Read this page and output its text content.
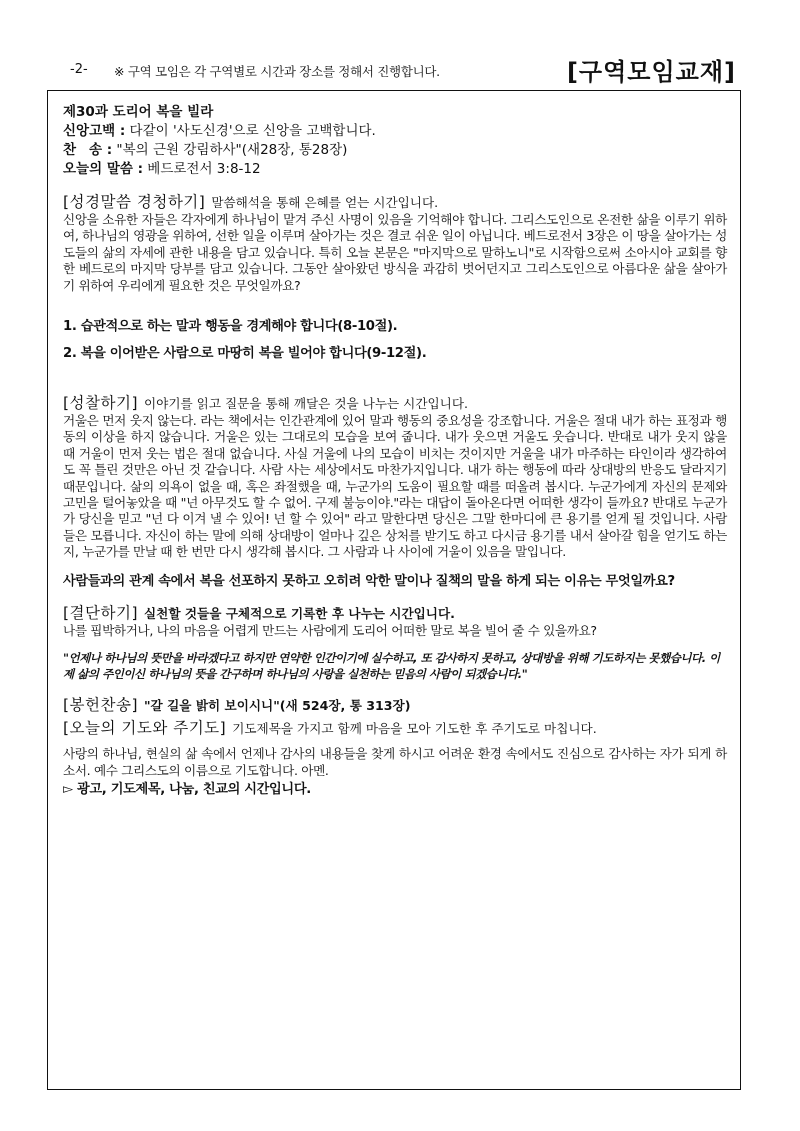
-2- ※ 구역 모임은 각 구역별로 시간과 장소를 정해서 진행합니다.	[구역모임교재]
제30과 도리어 복을 빌라
신앙고백 : 다같이 '사도신경'으로 신앙을 고백합니다.
찬 송 : "복의 근원 강림하사"(새28장, 통28장)
오늘의 말씀 : 베드로전서 3:8-12
[성경말씀 경청하기] 말씀해석을 통해 은혜를 얻는 시간입니다.

신앙을 소유한 자들은 각자에게 하나님이 맡겨 주신 사명이 있음을 기억해야 합니다. 그리스도인으로 온전한 삶을 이루기 위하여, 하나님의 영광을 위하여, 선한 일을 이루며 살아가는 것은 결코 쉬운 일이 아닙니다. 베드로전서 3장은 이 땅을 살아가는 성도들의 삶의 자세에 관한 내용을 담고 있습니다. 특히 오늘 본문은 "마지막으로 말하노니"로 시작함으로써 소아시아 교회를 향한 베드로의 마지막 당부를 담고 있습니다. 그동안 살아왔던 방식을 과감히 벗어던지고 그리스도인으로 아름다운 삶을 살아가기 위하여 우리에게 필요한 것은 무엇일까요?

1. 습관적으로 하는 말과 행동을 경계해야 합니다(8-10절).
2. 복을 이어받은 사람으로 마땅히 복을 빌어야 합니다(9-12절).
[성찰하기] 이야기를 읽고 질문을 통해 깨달은 것을 나누는 시간입니다.

거울은 먼저 웃지 않는다. 라는 책에서는 인간관계에 있어 말과 행동의 중요성을 강조합니다. 거울은 절대 내가 하는 표정과 행동의 이상을 하지 않습니다. 거울은 있는 그대로의 모습을 보여 줍니다. 내가 웃으면 거울도 웃습니다. 반대로 내가 웃지 않을 때 거울이 먼저 웃는 법은 절대 없습니다. 사실 거울에 나의 모습이 비치는 것이지만 거울을 내가 마주하는 타인이라 생각하여도 꼭 틀린 것만은 아닌 것 같습니다. 사람 사는 세상에서도 마찬가지입니다. 내가 하는 행동에 따라 상대방의 반응도 달라지기 때문입니다. 삶의 의욕이 없을 때, 혹은 좌절했을 때, 누군가의 도움이 필요할 때를 떠올려 봅시다. 누군가에게 자신의 문제와 고민을 털어놓았을 때 "넌 아무것도 할 수 없어. 구제 불능이야."라는 대답이 돌아온다면 어떠한 생각이 들까요? 반대로 누군가가 당신을 믿고 "넌 다 이겨 낼 수 있어! 넌 할 수 있어" 라고 말한다면 당신은 그말 한마디에 큰 용기를 얻게 될 것입니다. 사람들은 모릅니다. 자신이 하는 말에 의해 상대방이 얼마나 깊은 상처를 받기도 하고 다시금 용기를 내서 살아갈 힘을 얻기도 하는지, 누군가를 만날 때 한 번만 다시 생각해 봅시다. 그 사람과 나 사이에 거울이 있음을 말입니다.

사람들과의 관계 속에서 복을 선포하지 못하고 오히려 악한 말이나 질책의 말을 하게 되는 이유는 무엇일까요?
[결단하기] 실천할 것들을 구체적으로 기록한 후 나누는 시간입니다.

나를 핍박하거나, 나의 마음을 어렵게 만드는 사람에게 도리어 어떠한 말로 복을 빌어 줄 수 있을까요?

"언제나 하나님의 뜻만을 바라겠다고 하지만 연약한 인간이기에 실수하고, 또 감사하지 못하고, 상대방을 위해 기도하지는 못했습니다. 이제 삶의 주인이신 하나님의 뜻을 간구하며 하나님의 사랑을 실천하는 믿음의 사람이 되겠습니다."
[봉헌찬송] "갈 길을 밝히 보이시니"(새 524장, 통 313장)
[오늘의 기도와 주기도] 기도제목을 가지고 함께 마음을 모아 기도한 후 주기도로 마칩니다.

사랑의 하나님, 현실의 삶 속에서 언제나 감사의 내용들을 찾게 하시고 어려운 환경 속에서도 진심으로 감사하는 자가 되게 하소서. 예수 그리스도의 이름으로 기도합니다. 아멘.

▻ 광고, 기도제목, 나눔, 친교의 시간입니다.
